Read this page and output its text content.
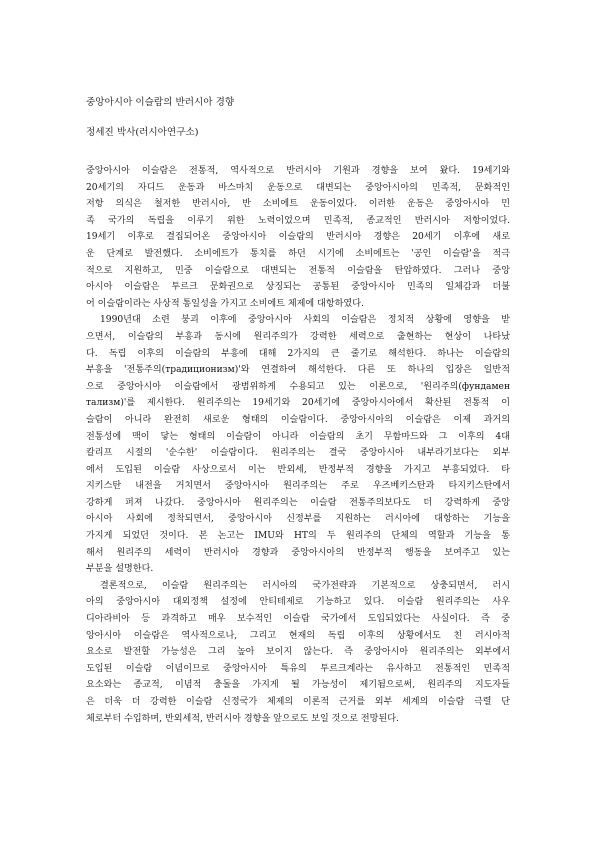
중앙아시아 이슬람의 반러시아 경향
정세진 박사(러시아연구소)
중앙아시아 이슬람은 전통적, 역사적으로 반러시아 기원과 경향을 보여 왔다. 19세기와
20세기의 자디드 운동과 바스마치 운동으로 대변되는 중앙아시아의 민족적, 문화적인
저항 의식은 철저한 반러시아, 반 소비에트 운동이었다. 이러한 운동은 중앙아시아 민
족 국가의 독립을 이루기 위한 노력이었으며 민족적, 종교적인 반러시아 저항이었다.
19세기 이후로 결집되어온 중앙아시아 이슬람의 반러시아 경향은 20세기 이후에 새로
운 단계로 발전했다. 소비에트가 통치를 하던 시기에 소비에트는 '공인 이슬람'을 적극
적으로 지원하고, 민중 이슬람으로 대변되는 전통적 이슬람을 탄압하였다. 그러나 중앙
아시아 이슬람은 투르크 문화권으로 상징되는 공통된 중앙아시아 민족의 일체감과 더불
어 이슬람이라는 사상적 통일성을 가지고 소비에트 체제에 대항하였다.
1990년대 소련 붕괴 이후에 중앙아시아 사회의 이슬람은 정치적 상황에 영향을 받
으면서, 이슬람의 부흥과 동시에 원리주의가 강력한 세력으로 출현하는 현상이 나타났
다. 독립 이후의 이슬람의 부흥에 대해 2가지의 큰 줄기로 해석한다. 하나는 이슬람의
부흥을 '전통주의(традиционизм)'와 연결하여 해석한다. 다른 또 하나의 입장은 일반적
으로 중앙아시아 이슬람에서 광범위하게 수용되고 있는 이론으로, '원리주의(фундамен
тализм)'를 제시한다. 원리주의는 19세기와 20세기에 중앙아시아에서 확산된 전통적 이
슬람이 아니라 완전히 새로운 형태의 이슬람이다. 중앙아시아의 이슬람은 이제 과거의
전통성에 맥이 닿는 형태의 이슬람이 아니라 이슬람의 초기 무함마드와 그 이후의 4대
칼리프 시절의 '순수한' 이슬람이다. 원리주의는 결국 중앙아시아 내부라기보다는 외부
에서 도입된 이슬람 사상으로서 이는 반외세, 반정부적 경향을 가지고 부흥되었다. 타
지키스탄 내전을 거치면서 중앙아시아 원리주의는 주로 우즈베키스탄과 타지키스탄에서
강하게 퍼져 나갔다. 중앙아시아 원리주의는 이슬람 전통주의보다도 더 강력하게 중앙
아시아 사회에 정착되면서, 중앙아시아 신정부를 지원하는 러시아에 대항하는 기능을
가지게 되었던 것이다. 본 논고는 IMU와 HT의 두 원리주의 단체의 역할과 기능을 통
해서 원리주의 세력이 반러시아 경향과 중앙아시아의 반정부적 행동을 보여주고 있는
부분을 설명한다.
결론적으로, 이슬람 원리주의는 러시아의 국가전략과 기본적으로 상충되면서, 러시
아의 중앙아시아 대외정책 설정에 안티테제로 기능하고 있다. 이슬람 원리주의는 사우
디아라비아 등 과격하고 매우 보수적인 이슬람 국가에서 도입되었다는 사실이다. 즉 중
앙아시아 이슬람은 역사적으로나, 그리고 현재의 독립 이후의 상황에서도 친 러시아적
요소로 발전할 가능성은 그리 높아 보이지 않는다. 즉 중앙아시아 원리주의는 외부에서
도입된 이슬람 이념이므로 중앙아시아 특유의 투르크계라는 유사하고 전통적인 민족적
요소와는 종교적, 이념적 충돌을 가지게 될 가능성이 제기됨으로써, 원리주의 지도자들
은 더욱 더 강력한 이슬람 신정국가 체제의 이론적 근거를 외부 세계의 이슬람 극렬 단
체로부터 수입하며, 반외세적, 반러시아 경향을 앞으로도 보일 것으로 전망된다.
